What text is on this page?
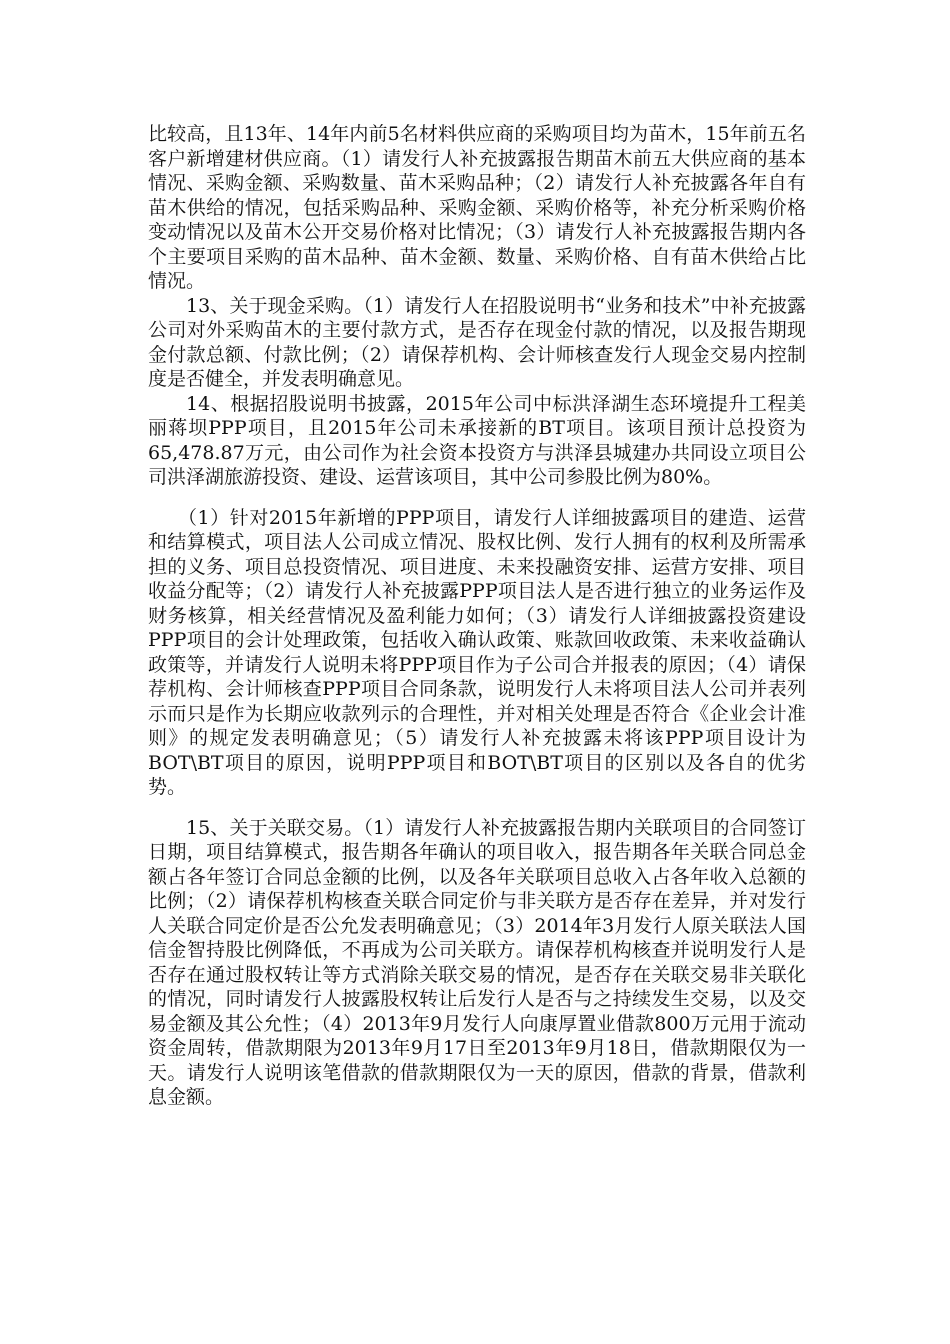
比较高，且13年、14年内前5名材料供应商的采购项目均为苗木，15年前五名客户新增建材供应商。（1）请发行人补充披露报告期苗木前五大供应商的基本情况、采购金额、采购数量、苗木采购品种；（2）请发行人补充披露各年自有苗木供给的情况，包括采购品种、采购金额、采购价格等，补充分析采购价格变动情况以及苗木公开交易价格对比情况；（3）请发行人补充披露报告期内各个主要项目采购的苗木品种、苗木金额、数量、采购价格、自有苗木供给占比情况。

13、关于现金采购。（1）请发行人在招股说明书“业务和技术”中补充披露公司对外采购苗木的主要付款方式，是否存在现金付款的情况，以及报告期现金付款总额、付款比例；（2）请保荐机构、会计师核查发行人现金交易内控制度是否健全，并发表明确意见。

14、根据招股说明书披露，2015年公司中标洪泽湖生态环境提升工程美丽蒋坝PPP项目，且2015年公司未承接新的BT项目。该项目预计总投资为65,478.87万元，由公司作为社会资本投资方与洪泽县城建办共同设立项目公司洪泽湖旅游投资、建设、运营该项目，其中公司参股比例为80%。

（1）针对2015年新增的PPP项目，请发行人详细披露项目的建造、运营和结算模式，项目法人公司成立情况、股权比例、发行人拥有的权利及所需承担的义务、项目总投资情况、项目进度、未来投融资安排、运营方安排、项目收益分配等；（2）请发行人补充披露PPP项目法人是否进行独立的业务运作及财务核算，相关经营情况及盈利能力如何；（3）请发行人详细披露投资建设PPP项目的会计处理政策，包括收入确认政策、账款回收政策、未来收益确认政策等，并请发行人说明未将PPP项目作为子公司合并报表的原因；（4）请保荐机构、会计师核查PPP项目合同条款，说明发行人未将项目法人公司并表列示而只是作为长期应收款列示的合理性，并对相关处理是否符合《企业会计准则》的规定发表明确意见；（5）请发行人补充披露未将该PPP项目设计为BOT\BT项目的原因，说明PPP项目和BOT\BT项目的区别以及各自的优劣势。

15、关于关联交易。（1）请发行人补充披露报告期内关联项目的合同签订日期，项目结算模式，报告期各年确认的项目收入，报告期各年关联合同总金额占各年签订合同总金额的比例，以及各年关联项目总收入占各年收入总额的比例；（2）请保荐机构核查关联合同定价与非关联方是否存在差异，并对发行人关联合同定价是否公允发表明确意见；（3）2014年3月发行人原关联法人国信金智持股比例降低，不再成为公司关联方。请保荐机构核查并说明发行人是否存在通过股权转让等方式消除关联交易的情况，是否存在关联交易非关联化的情况，同时请发行人披露股权转让后发行人是否与之持续发生交易，以及交易金额及其公允性；（4）2013年9月发行人向康厚置业借款800万元用于流动资金周转，借款期限为2013年9月17日至2013年9月18日，借款期限仅为一天。请发行人说明该笔借款的借款期限仅为一天的原因，借款的背景，借款利息金额。
